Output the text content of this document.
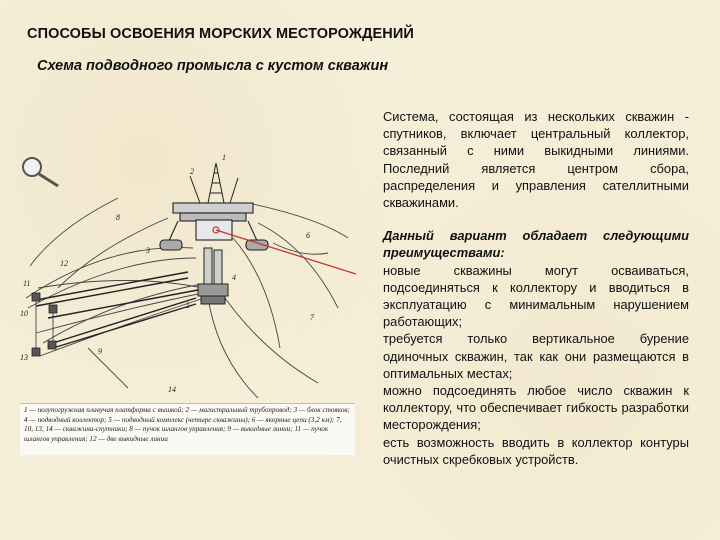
СПОСОБЫ ОСВОЕНИЯ МОРСКИХ МЕСТОРОЖДЕНИЙ
Схема подводного промысла с кустом скважин
1
2
3
4
5
6
7
8
9
10
11
12
13
14
1 — полупогружная плавучая платформа с вышкой; 2 — магистральный трубопровод; 3 — блок стояков; 4 — подводный коллектор; 5 — подводный комплекс (четыре скважины); 6 — якорные цепи (3,2 км); 7, 10, 13, 14 — скважина-спутники; 8 — пучок шлангов управления; 9 — выкидные линии; 11 — пучок шлангов управления; 12 — две выкидные линии

Система, состоящая из нескольких скважин - спутников, включает центральный коллектор, связанный с ними выкидными линиями. Последний является центром сбора, распределения и управления сателлитными скважинами.

Данный вариант обладает следующими преимуществами:

новые скважины могут осваиваться, подсоединяться к коллектору и вводиться в эксплуатацию с минимальным нарушением работающих;

требуется только вертикальное бурение одиночных скважин, так как они размещаются в оптимальных местах;

можно подсоединять любое число скважин к коллектору, что обеспечивает гибкость разработки месторождения;

есть возможность вводить в коллектор контуры очистных скребковых устройств.
